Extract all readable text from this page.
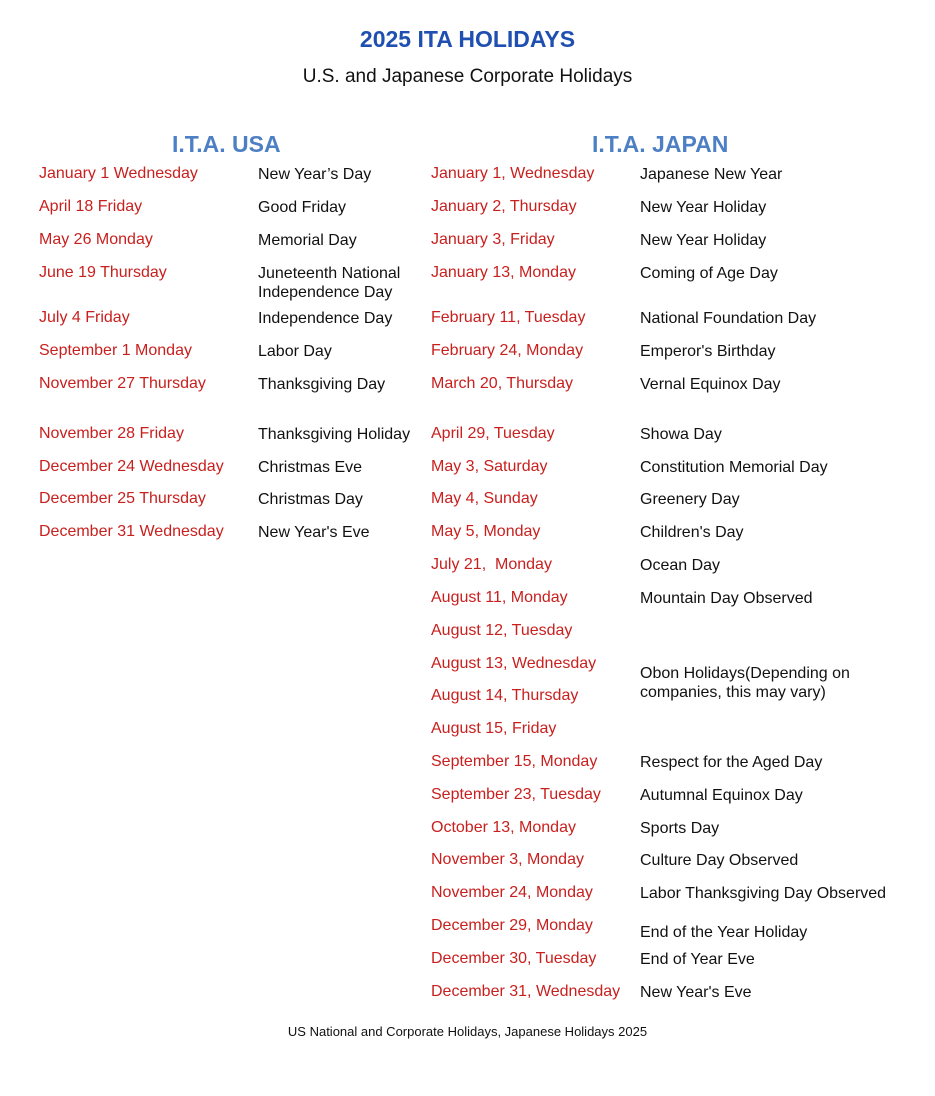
2025 ITA HOLIDAYS
U.S. and Japanese Corporate Holidays
I.T.A. USA	I.T.A. JAPAN
January 1 Wednesday
April 18 Friday
May 26 Monday
June 19 Thursday
July 4 Friday
September 1 Monday
November 27 Thursday
November 28 Friday
December 24 Wednesday
December 25 Thursday
December 31 Wednesday
New Year’s Day
Good Friday
Memorial Day
Juneteenth National Independence Day
Independence Day
Labor Day
Thanksgiving Day
Thanksgiving Holiday
Christmas Eve
Christmas Day
New Year's Eve
January 1, Wednesday
January 2, Thursday
January 3, Friday
January 13, Monday
February 11, Tuesday
February 24, Monday
March 20, Thursday
April 29, Tuesday
May 3, Saturday
May 4, Sunday
May 5, Monday
July 21,  Monday
August 11, Monday
August 12, Tuesday
August 13, Wednesday
August 14, Thursday
August 15, Friday
September 15, Monday
September 23, Tuesday
October 13, Monday
November 3, Monday
November 24, Monday
December 29, Monday
December 30, Tuesday
December 31, Wednesday
Japanese New Year
New Year Holiday
New Year Holiday
Coming of Age Day
National Foundation Day
Emperor's Birthday
Vernal Equinox Day
Showa Day
Constitution Memorial Day
Greenery Day
Children's Day
Ocean Day
Mountain Day Observed
Obon Holidays(Depending on companies, this may vary)
Respect for the Aged Day
Autumnal Equinox Day
Sports Day
Culture Day Observed
Labor Thanksgiving Day Observed
End of the Year Holiday
End of Year Eve
New Year's Eve
US National and Corporate Holidays, Japanese Holidays 2025
